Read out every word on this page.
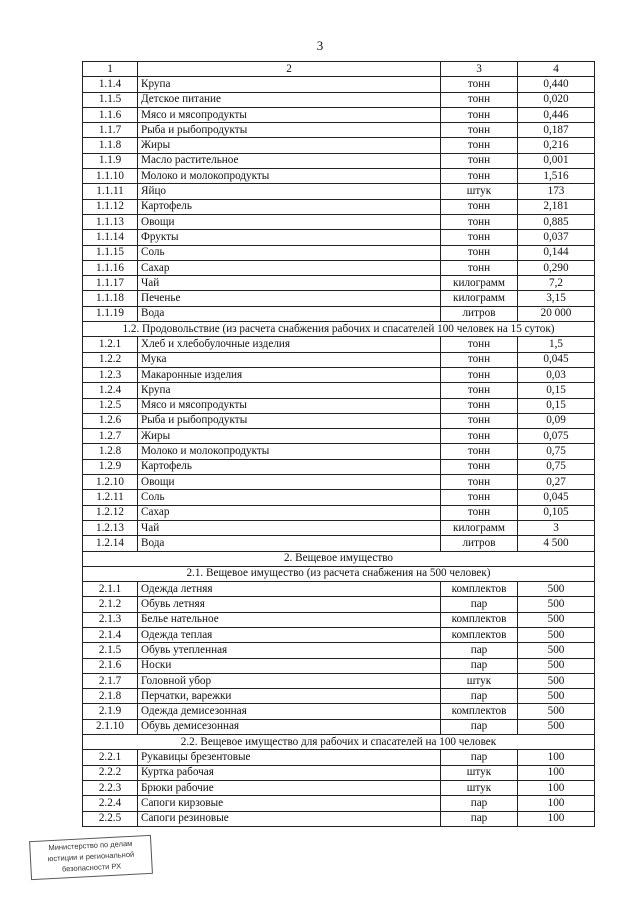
3
1	2	3	4
1.1.4	Крупа	тонн	0,440
1.1.5	Детское питание	тонн	0,020
1.1.6	Мясо и мясопродукты	тонн	0,446
1.1.7	Рыба и рыбопродукты	тонн	0,187
1.1.8	Жиры	тонн	0,216
1.1.9	Масло растительное	тонн	0,001
1.1.10	Молоко и молокопродукты	тонн	1,516
1.1.11	Яйцо	штук	173
1.1.12	Картофель	тонн	2,181
1.1.13	Овощи	тонн	0,885
1.1.14	Фрукты	тонн	0,037
1.1.15	Соль	тонн	0,144
1.1.16	Сахар	тонн	0,290
1.1.17	Чай	килограмм	7,2
1.1.18	Печенье	килограмм	3,15
1.1.19	Вода	литров	20 000
1.2. Продовольствие (из расчета снабжения рабочих и спасателей 100 человек на 15 суток)			
1.2.1	Хлеб и хлебобулочные изделия	тонн	1,5
1.2.2	Мука	тонн	0,045
1.2.3	Макаронные изделия	тонн	0,03
1.2.4	Крупа	тонн	0,15
1.2.5	Мясо и мясопродукты	тонн	0,15
1.2.6	Рыба и рыбопродукты	тонн	0,09
1.2.7	Жиры	тонн	0,075
1.2.8	Молоко и молокопродукты	тонн	0,75
1.2.9	Картофель	тонн	0,75
1.2.10	Овощи	тонн	0,27
1.2.11	Соль	тонн	0,045
1.2.12	Сахар	тонн	0,105
1.2.13	Чай	килограмм	3
1.2.14	Вода	литров	4 500
2. Вещевое имущество			
2.1. Вещевое имущество (из расчета снабжения на 500 человек)			
2.1.1	Одежда летняя	комплектов	500
2.1.2	Обувь летняя	пар	500
2.1.3	Белье нательное	комплектов	500
2.1.4	Одежда теплая	комплектов	500
2.1.5	Обувь утепленная	пар	500
2.1.6	Носки	пар	500
2.1.7	Головной убор	штук	500
2.1.8	Перчатки, варежки	пар	500
2.1.9	Одежда демисезонная	комплектов	500
2.1.10	Обувь демисезонная	пар	500
2.2. Вещевое имущество для рабочих и спасателей на 100 человек			
2.2.1	Рукавицы брезентовые	пар	100
2.2.2	Куртка рабочая	штук	100
2.2.3	Брюки рабочие	штук	100
2.2.4	Сапоги кирзовые	пар	100
2.2.5	Сапоги резиновые	пар	100
Министерство по делам
юстиции и региональной
безопасности РХ
